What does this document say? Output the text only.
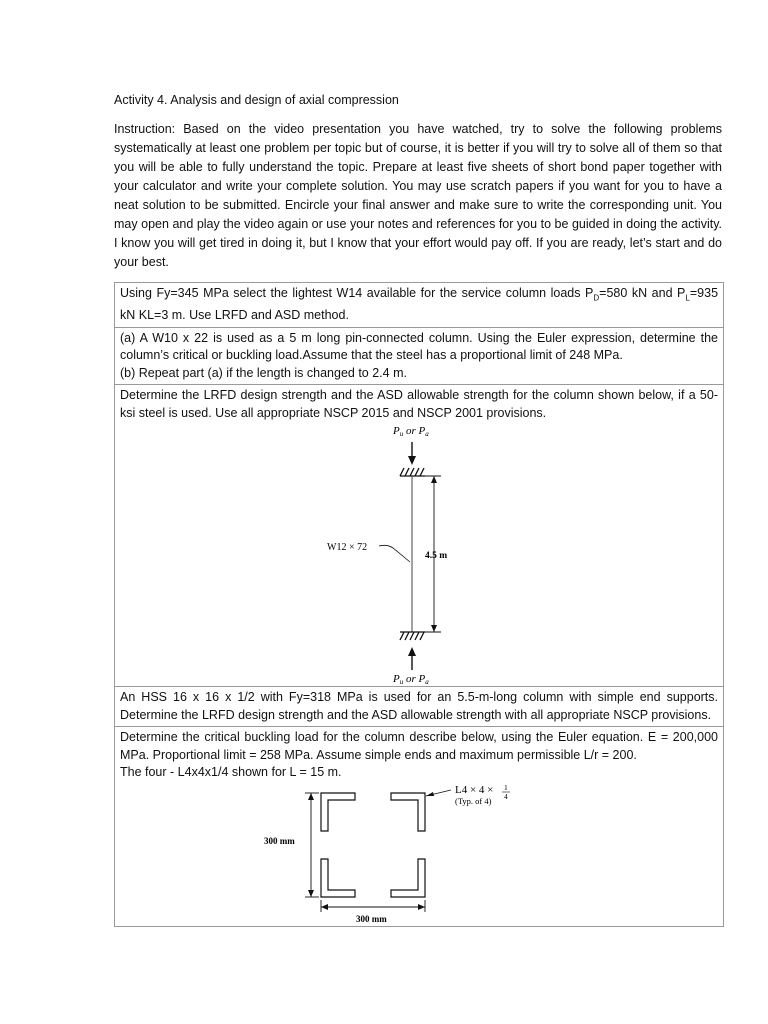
Activity 4. Analysis and design of axial compression

Instruction: Based on the video presentation you have watched, try to solve the following problems systematically at least one problem per topic but of course, it is better if you will try to solve all of them so that you will be able to fully understand the topic. Prepare at least five sheets of short bond paper together with your calculator and write your complete solution. You may use scratch papers if you want for you to have a neat solution to be submitted. Encircle your final answer and make sure to write the corresponding unit. You may open and play the video again or use your notes and references for you to be guided in doing the activity. I know you will get tired in doing it, but I know that your effort would pay off. If you are ready, let’s start and do your best.

Using Fy=345 MPa select the lightest W14 available for the service column loads $P_D=580$ kN and $P_L=935$ kN KL=3 m. Use LRFD and ASD method.

(a) A W10 x 22 is used as a 5 m long pin-connected column. Using the Euler expression, determine the column’s critical or buckling load.Assume that the steel has a proportional limit of 248 MPa.
(b) Repeat part (a) if the length is changed to 2.4 m.

Determine the LRFD design strength and the ASD allowable strength for the column shown below, if a 50-ksi steel is used. Use all appropriate NSCP 2015 and NSCP 2001 provisions.
Pu or Pa
Pu or Pa
W12 × 72
4.5 m

An HSS 16 x 16 x 1/2 with Fy=318 MPa is used for an 5.5-m-long column with simple end supports. Determine the LRFD design strength and the ASD allowable strength with all appropriate NSCP provisions.

Determine the critical buckling load for the column describe below, using the Euler equation. E = 200,000 MPa. Proportional limit = 258 MPa. Assume simple ends and maximum permissible L/r = 200.
The four - L4x4x1/4 shown for L = 15 m.
L4 × 4 × 1
4
(Typ. of 4)
300 mm
300 mm
